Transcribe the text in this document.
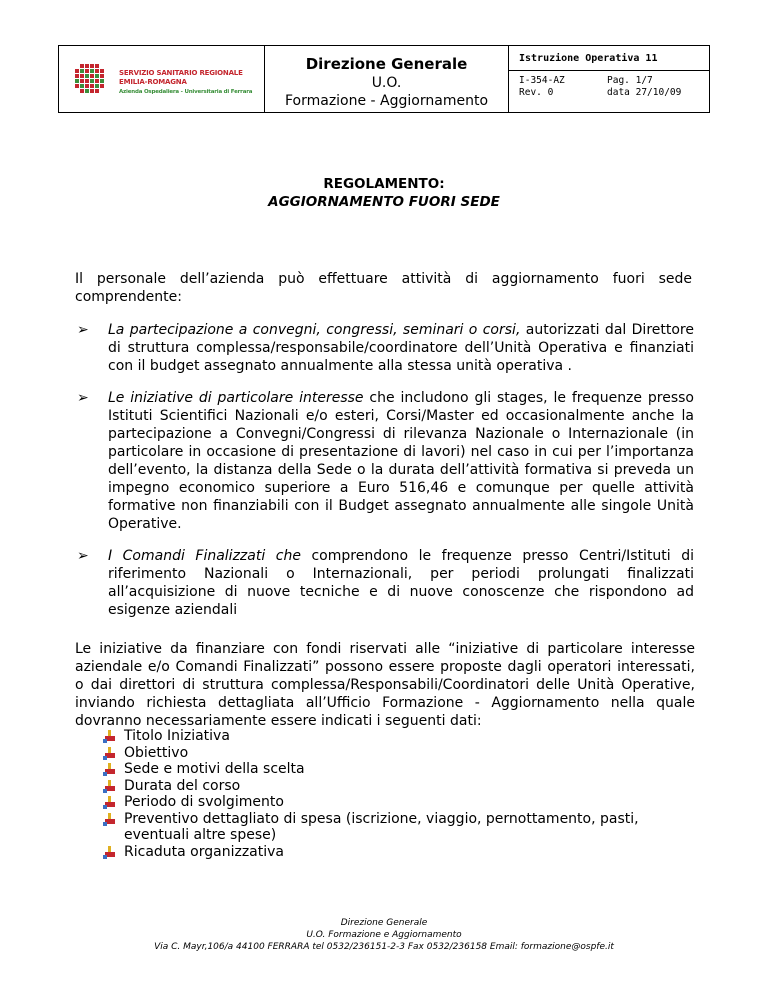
SERVIZIO SANITARIO REGIONALE
EMILIA-ROMAGNA
Azienda Ospedaliera - Universitaria di Ferrara
Direzione Generale
U.O.
Formazione - Aggiornamento
Istruzione Operativa 11
I-354-AZ
Rev. 0
Pag. 1/7
data 27/10/09
REGOLAMENTO:
AGGIORNAMENTO FUORI SEDE
Il personale dell’azienda può effettuare attività di aggiornamento fuori sede comprendente:
➢ La partecipazione a convegni, congressi, seminari o corsi, autorizzati dal Direttore di struttura complessa/responsabile/coordinatore dell’Unità Operativa e finanziati con il budget assegnato annualmente alla stessa unità operativa .
➢ Le iniziative di particolare interesse che includono gli stages, le frequenze presso Istituti Scientifici Nazionali e/o esteri, Corsi/Master ed occasionalmente anche la partecipazione a Convegni/Congressi di rilevanza Nazionale o Internazionale (in particolare in occasione di presentazione di lavori) nel caso in cui per l’importanza dell’evento, la distanza della Sede o la durata dell’attività formativa si preveda un impegno economico superiore a Euro 516,46 e comunque per quelle attività formative non finanziabili con il Budget assegnato annualmente alle singole Unità Operative.
➢ I Comandi Finalizzati che comprendono le frequenze presso Centri/Istituti di riferimento Nazionali o Internazionali, per periodi prolungati finalizzati all’acquisizione di nuove tecniche e di nuove conoscenze che rispondono ad esigenze aziendali
Le iniziative da finanziare con fondi riservati alle “iniziative di particolare interesse aziendale e/o Comandi Finalizzati” possono essere proposte dagli operatori interessati, o dai direttori di struttura complessa/Responsabili/Coordinatori delle Unità Operative, inviando richiesta dettagliata all’Ufficio Formazione - Aggiornamento nella quale dovranno necessariamente essere indicati i seguenti dati:
Titolo Iniziativa
Obiettivo
Sede e motivi della scelta
Durata del corso
Periodo di svolgimento
Preventivo dettagliato di spesa (iscrizione, viaggio, pernottamento, pasti, eventuali altre spese)
Ricaduta organizzativa
Direzione Generale
U.O. Formazione e Aggiornamento
Via C. Mayr,106/a 44100 FERRARA tel 0532/236151-2-3 Fax 0532/236158 Email: formazione@ospfe.it
